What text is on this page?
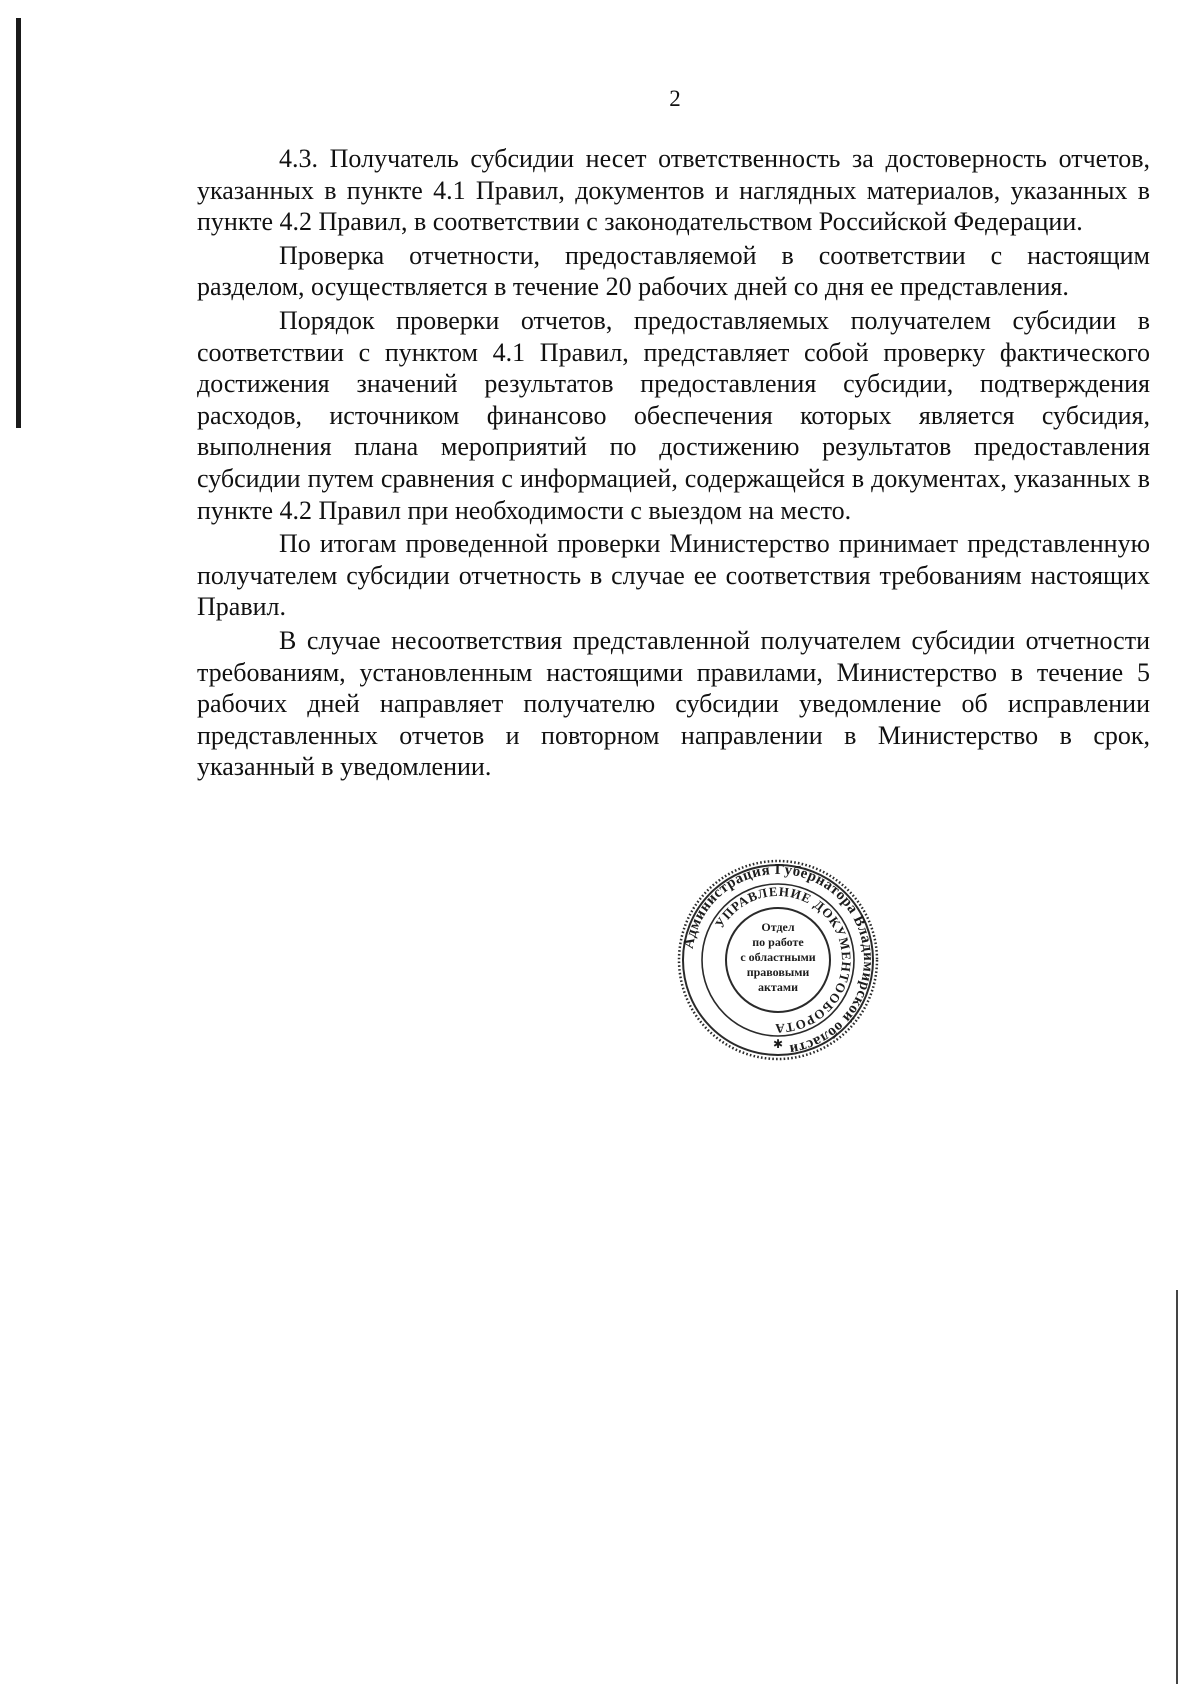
2

4.3. Получатель субсидии несет ответственность за достоверность отчетов, указанных в пункте 4.1 Правил, документов и наглядных материалов, указанных в пункте 4.2 Правил, в соответствии с законодательством Российской Федерации.

Проверка отчетности, предоставляемой в соответствии с настоящим разделом, осуществляется в течение 20 рабочих дней со дня ее представления.

Порядок проверки отчетов, предоставляемых получателем субсидии в соответствии с пунктом 4.1 Правил, представляет собой проверку фактического достижения значений результатов предоставления субсидии, подтверждения расходов, источником финансово обеспечения которых является субсидия, выполнения плана мероприятий по достижению результатов предоставления субсидии путем сравнения с информацией, содержащейся в документах, указанных в пункте 4.2 Правил при необходимости с выездом на место.

По итогам проведенной проверки Министерство принимает представленную получателем субсидии отчетность в случае ее соответствия требованиям настоящих Правил.

В случае несоответствия представленной получателем субсидии отчетности требованиям, установленным настоящими правилами, Министерство в течение 5 рабочих дней направляет получателю субсидии уведомление об исправлении представленных отчетов и повторном направлении в Министерство в срок, указанный в уведомлении.

Администрация Губернатора Владимирской области
УПРАВЛЕНИЕ ДОКУМЕНТООБОРОТА
✱
Отдел
по работе
с областными
правовыми
актами
